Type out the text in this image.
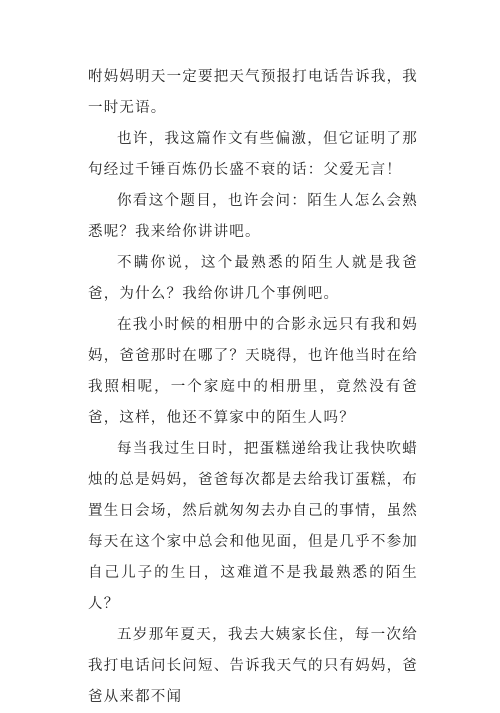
咐妈妈明天一定要把天气预报打电话告诉我，我一时无语。

也许，我这篇作文有些偏激，但它证明了那句经过千锤百炼仍长盛不衰的话：父爱无言！

你看这个题目，也许会问：陌生人怎么会熟悉呢？我来给你讲讲吧。

不瞒你说，这个最熟悉的陌生人就是我爸爸，为什么？我给你讲几个事例吧。

在我小时候的相册中的合影永远只有我和妈妈，爸爸那时在哪了？天晓得，也许他当时在给我照相呢，一个家庭中的相册里，竟然没有爸爸，这样，他还不算家中的陌生人吗？

每当我过生日时，把蛋糕递给我让我快吹蜡烛的总是妈妈，爸爸每次都是去给我订蛋糕，布置生日会场，然后就匆匆去办自己的事情，虽然每天在这个家中总会和他见面，但是几乎不参加自己儿子的生日，这难道不是我最熟悉的陌生人？

五岁那年夏天，我去大姨家长住，每一次给我打电话问长问短、告诉我天气的只有妈妈，爸爸从来都不闻
